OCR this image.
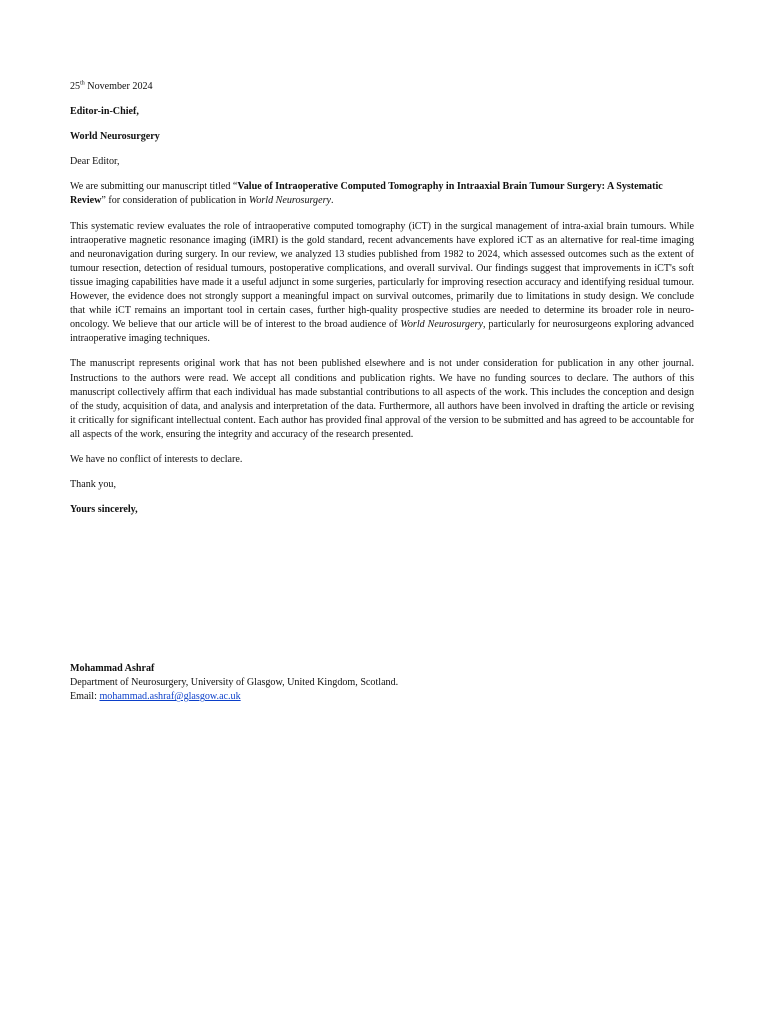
25th November 2024

Editor-in-Chief,

World Neurosurgery

Dear Editor,

We are submitting our manuscript titled “Value of Intraoperative Computed Tomography in Intraaxial Brain Tumour Surgery: A Systematic Review” for consideration of publication in World Neurosurgery.

This systematic review evaluates the role of intraoperative computed tomography (iCT) in the surgical management of intra-axial brain tumours. While intraoperative magnetic resonance imaging (iMRI) is the gold standard, recent advancements have explored iCT as an alternative for real-time imaging and neuronavigation during surgery. In our review, we analyzed 13 studies published from 1982 to 2024, which assessed outcomes such as the extent of tumour resection, detection of residual tumours, postoperative complications, and overall survival. Our findings suggest that improvements in iCT's soft tissue imaging capabilities have made it a useful adjunct in some surgeries, particularly for improving resection accuracy and identifying residual tumour. However, the evidence does not strongly support a meaningful impact on survival outcomes, primarily due to limitations in study design. We conclude that while iCT remains an important tool in certain cases, further high-quality prospective studies are needed to determine its broader role in neuro-oncology. We believe that our article will be of interest to the broad audience of World Neurosurgery, particularly for neurosurgeons exploring advanced intraoperative imaging techniques.

The manuscript represents original work that has not been published elsewhere and is not under consideration for publication in any other journal. Instructions to the authors were read. We accept all conditions and publication rights. We have no funding sources to declare. The authors of this manuscript collectively affirm that each individual has made substantial contributions to all aspects of the work. This includes the conception and design of the study, acquisition of data, and analysis and interpretation of the data. Furthermore, all authors have been involved in drafting the article or revising it critically for significant intellectual content. Each author has provided final approval of the version to be submitted and has agreed to be accountable for all aspects of the work, ensuring the integrity and accuracy of the research presented.

We have no conflict of interests to declare.

Thank you,

Yours sincerely,

Mohammad Ashraf
Department of Neurosurgery, University of Glasgow, United Kingdom, Scotland.
Email: mohammad.ashraf@glasgow.ac.uk
